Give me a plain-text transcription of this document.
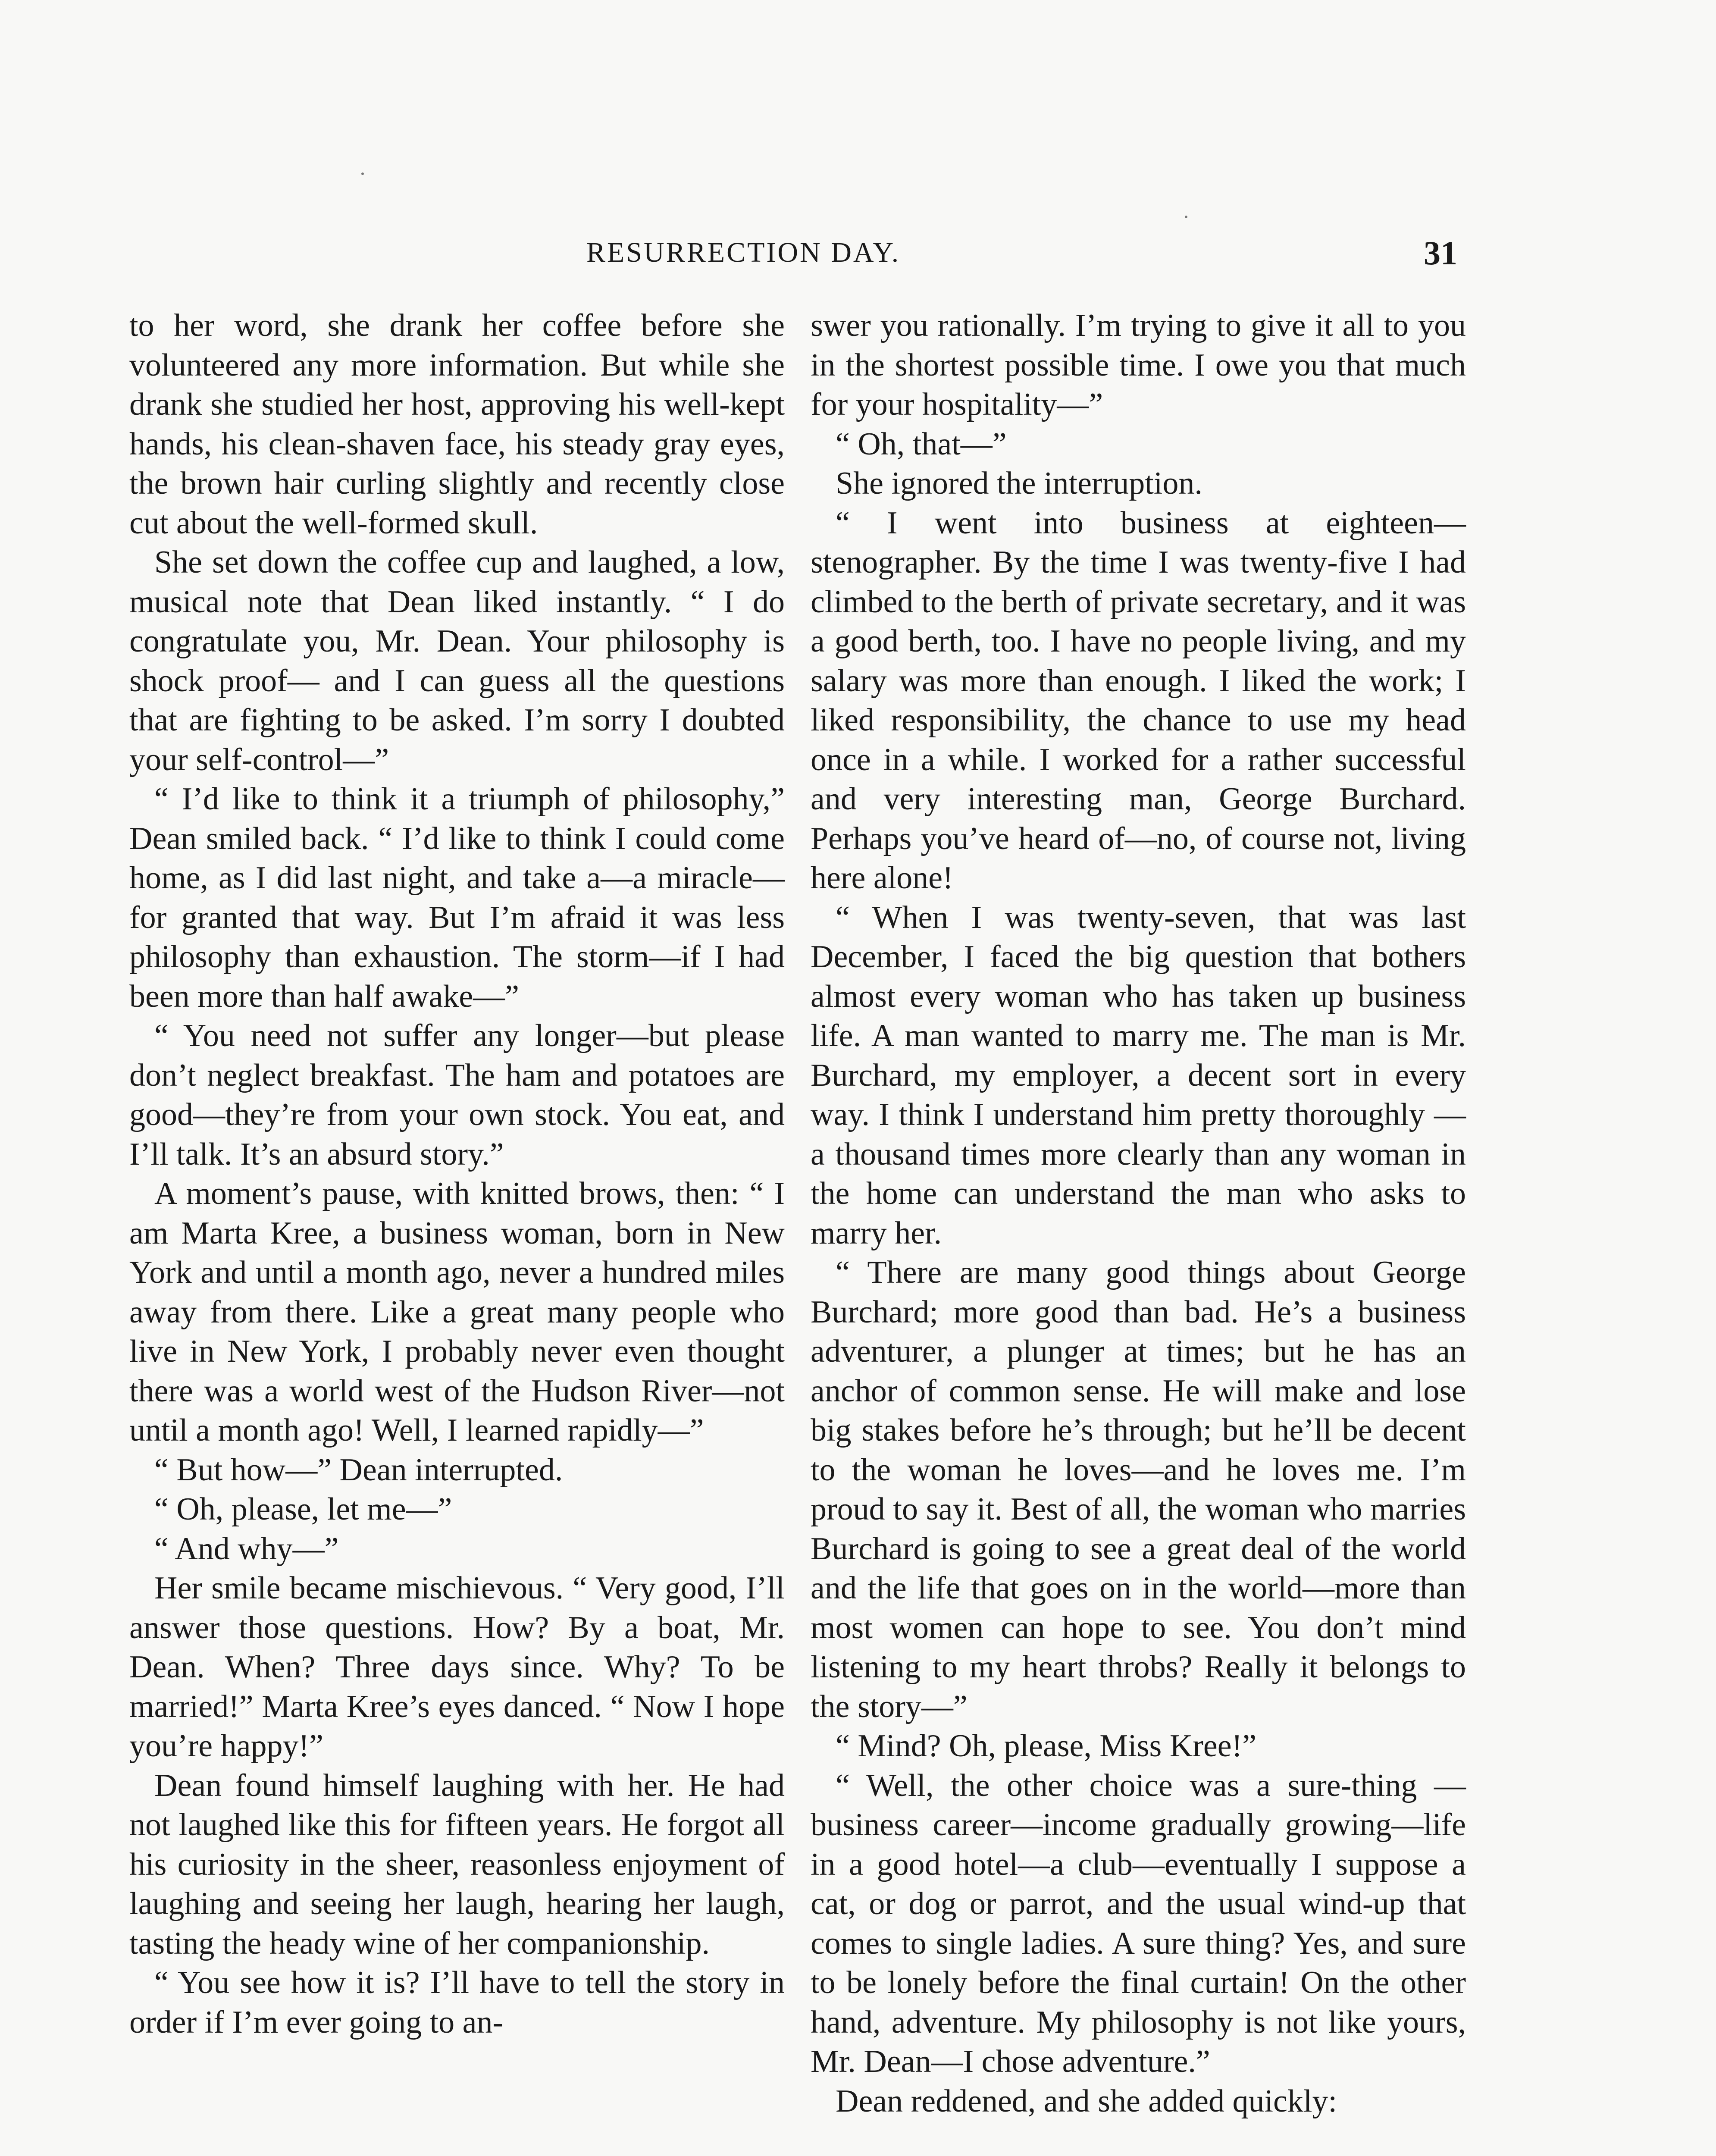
RESURRECTION DAY.	31

to her word, she drank her coffee before she volunteered any more information. But while she drank she studied her host, approving his well-kept hands, his clean-shaven face, his steady gray eyes, the brown hair curling slightly and recently close cut about the well-formed skull.

She set down the coffee cup and laughed, a low, musical note that Dean liked instantly. “ I do congratulate you, Mr. Dean. Your philosophy is shock proof— and I can guess all the questions that are fighting to be asked. I’m sorry I doubted your self-control—”

“ I’d like to think it a triumph of philosophy,” Dean smiled back. “ I’d like to think I could come home, as I did last night, and take a—a miracle—for granted that way. But I’m afraid it was less philosophy than exhaustion. The storm—if I had been more than half awake—”

“ You need not suffer any longer—but please don’t neglect breakfast. The ham and potatoes are good—they’re from your own stock. You eat, and I’ll talk. It’s an absurd story.”

A moment’s pause, with knitted brows, then: “ I am Marta Kree, a business woman, born in New York and until a month ago, never a hundred miles away from there. Like a great many people who live in New York, I probably never even thought there was a world west of the Hudson River—not until a month ago! Well, I learned rapidly—”

“ But how—” Dean interrupted.

“ Oh, please, let me—”

“ And why—”

Her smile became mischievous. “ Very good, I’ll answer those questions. How? By a boat, Mr. Dean. When? Three days since. Why? To be married!” Marta Kree’s eyes danced. “ Now I hope you’re happy!”

Dean found himself laughing with her. He had not laughed like this for fifteen years. He forgot all his curiosity in the sheer, reasonless enjoyment of laughing and seeing her laugh, hearing her laugh, tasting the heady wine of her companionship.

“ You see how it is? I’ll have to tell the story in order if I’m ever going to an-

swer you rationally. I’m trying to give it all to you in the shortest possible time. I owe you that much for your hospitality—”

“ Oh, that—”

She ignored the interruption.

“ I went into business at eighteen— stenographer. By the time I was twenty-five I had climbed to the berth of private secretary, and it was a good berth, too. I have no people living, and my salary was more than enough. I liked the work; I liked responsibility, the chance to use my head once in a while. I worked for a rather successful and very interesting man, George Burchard. Perhaps you’ve heard of—no, of course not, living here alone!

“ When I was twenty-seven, that was last December, I faced the big question that bothers almost every woman who has taken up business life. A man wanted to marry me. The man is Mr. Burchard, my employer, a decent sort in every way. I think I understand him pretty thoroughly —a thousand times more clearly than any woman in the home can understand the man who asks to marry her.

“ There are many good things about George Burchard; more good than bad. He’s a business adventurer, a plunger at times; but he has an anchor of common sense. He will make and lose big stakes before he’s through; but he’ll be decent to the woman he loves—and he loves me. I’m proud to say it. Best of all, the woman who marries Burchard is going to see a great deal of the world and the life that goes on in the world—more than most women can hope to see. You don’t mind listening to my heart throbs? Really it belongs to the story—”

“ Mind? Oh, please, Miss Kree!”

“ Well, the other choice was a sure-thing —business career—income gradually growing—life in a good hotel—a club—eventually I suppose a cat, or dog or parrot, and the usual wind-up that comes to single ladies. A sure thing? Yes, and sure to be lonely before the final curtain! On the other hand, adventure. My philosophy is not like yours, Mr. Dean—I chose adventure.”

Dean reddened, and she added quickly:
